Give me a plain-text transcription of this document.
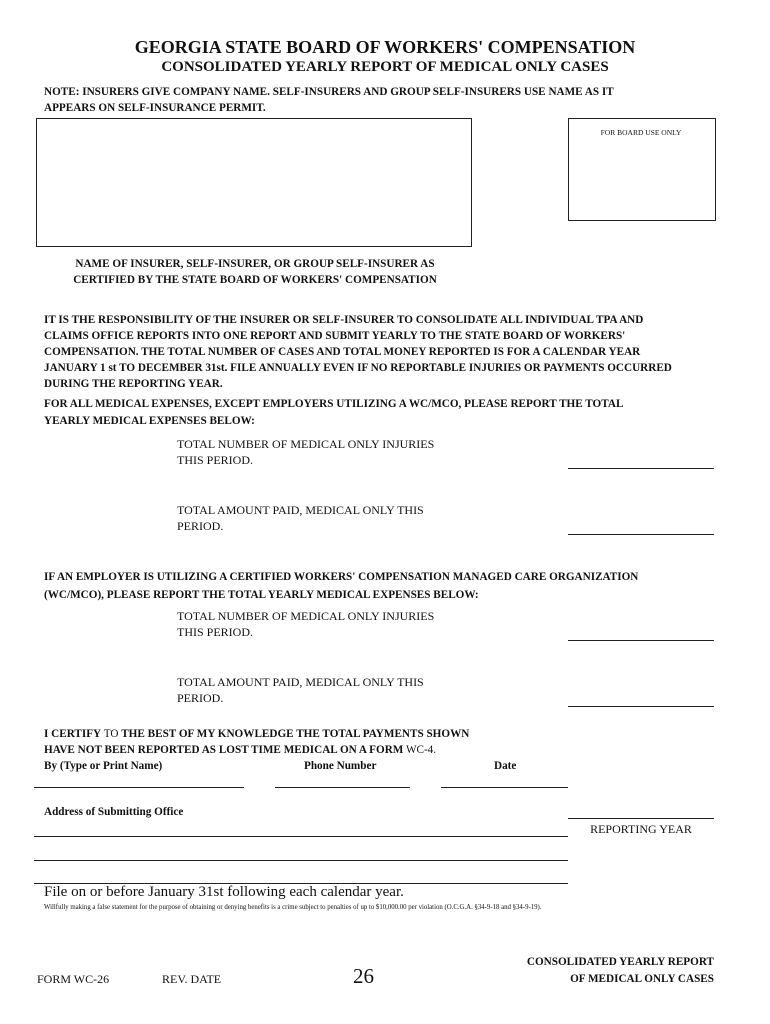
GEORGIA STATE BOARD OF WORKERS' COMPENSATION
CONSOLIDATED YEARLY REPORT OF MEDICAL ONLY CASES
NOTE: INSURERS GIVE COMPANY NAME. SELF-INSURERS AND GROUP SELF-INSURERS USE NAME AS IT
APPEARS ON SELF-INSURANCE PERMIT.
FOR BOARD USE ONLY
NAME OF INSURER, SELF-INSURER, OR GROUP SELF-INSURER AS
CERTIFIED BY THE STATE BOARD OF WORKERS' COMPENSATION
IT IS THE RESPONSIBILITY OF THE INSURER OR SELF-INSURER TO CONSOLIDATE ALL INDIVIDUAL TPA AND
CLAIMS OFFICE REPORTS INTO ONE REPORT AND SUBMIT YEARLY TO THE STATE BOARD OF WORKERS'
COMPENSATION. THE TOTAL NUMBER OF CASES AND TOTAL MONEY REPORTED IS FOR A CALENDAR YEAR
JANUARY 1 st TO DECEMBER 31st. FILE ANNUALLY EVEN IF NO REPORTABLE INJURIES OR PAYMENTS OCCURRED
DURING THE REPORTING YEAR.
FOR ALL MEDICAL EXPENSES, EXCEPT EMPLOYERS UTILIZING A WC/MCO, PLEASE REPORT THE TOTAL
YEARLY MEDICAL EXPENSES BELOW:
TOTAL NUMBER OF MEDICAL ONLY INJURIES
THIS PERIOD.
TOTAL AMOUNT PAID, MEDICAL ONLY THIS
PERIOD.
IF AN EMPLOYER IS UTILIZING A CERTIFIED WORKERS' COMPENSATION MANAGED CARE ORGANIZATION
(WC/MCO), PLEASE REPORT THE TOTAL YEARLY MEDICAL EXPENSES BELOW:
TOTAL NUMBER OF MEDICAL ONLY INJURIES
THIS PERIOD.
TOTAL AMOUNT PAID, MEDICAL ONLY THIS
PERIOD.
I CERTIFY TO THE BEST OF MY KNOWLEDGE THE TOTAL PAYMENTS SHOWN
HAVE NOT BEEN REPORTED AS LOST TIME MEDICAL ON A FORM WC-4.
By (Type or Print Name)	Phone Number	Date
Address of Submitting Office
REPORTING YEAR
File on or before January 31st following each calendar year.
Willfully making a false statement for the purpose of obtaining or denying benefits is a crime subject to penalties of up to $10,000.00 per violation (O.C.G.A. §34-9-18 and §34-9-19).
FORM WC-26	REV. DATE	26
CONSOLIDATED YEARLY REPORT
OF MEDICAL ONLY CASES
